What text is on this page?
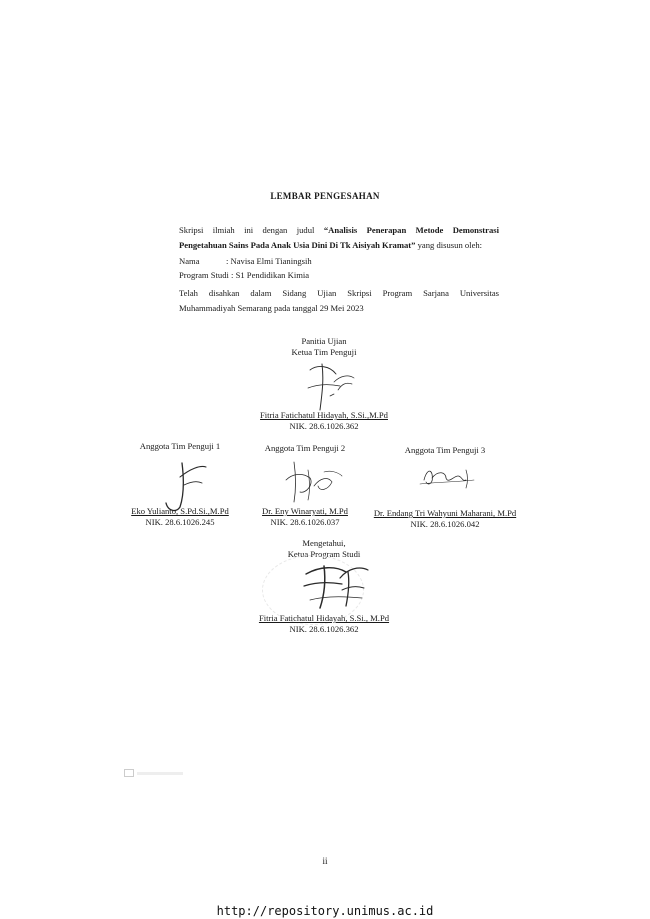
LEMBAR PENGESAHAN
Skripsi ilmiah ini dengan judul “Analisis Penerapan Metode Demonstrasi
Pengetahuan Sains Pada Anak Usia Dini Di Tk Aisiyah Kramat” yang disusun oleh:
Nama	: Navisa Elmi Tianingsih
Program Studi : S1 Pendidikan Kimia
Telah disahkan dalam Sidang Ujian Skripsi Program Sarjana Universitas
Muhammadiyah Semarang pada tanggal 29 Mei 2023
Panitia Ujian
Ketua Tim Penguji
Fitria Fatichatul Hidayah, S.Si.,M.Pd
NIK. 28.6.1026.362
Anggota Tim Penguji 1
Eko Yulianto, S.Pd.Si.,M.Pd
NIK. 28.6.1026.245
Anggota Tim Penguji 2
Dr. Eny Winaryati, M.Pd
NIK. 28.6.1026.037
Anggota Tim Penguji 3
Dr. Endang Tri Wahyuni Maharani, M.Pd
NIK. 28.6.1026.042
Mengetahui,
Ketua Program Studi
Fitria Fatichatul Hidayah, S.Si., M.Pd
NIK. 28.6.1026.362
ii
http://repository.unimus.ac.id
